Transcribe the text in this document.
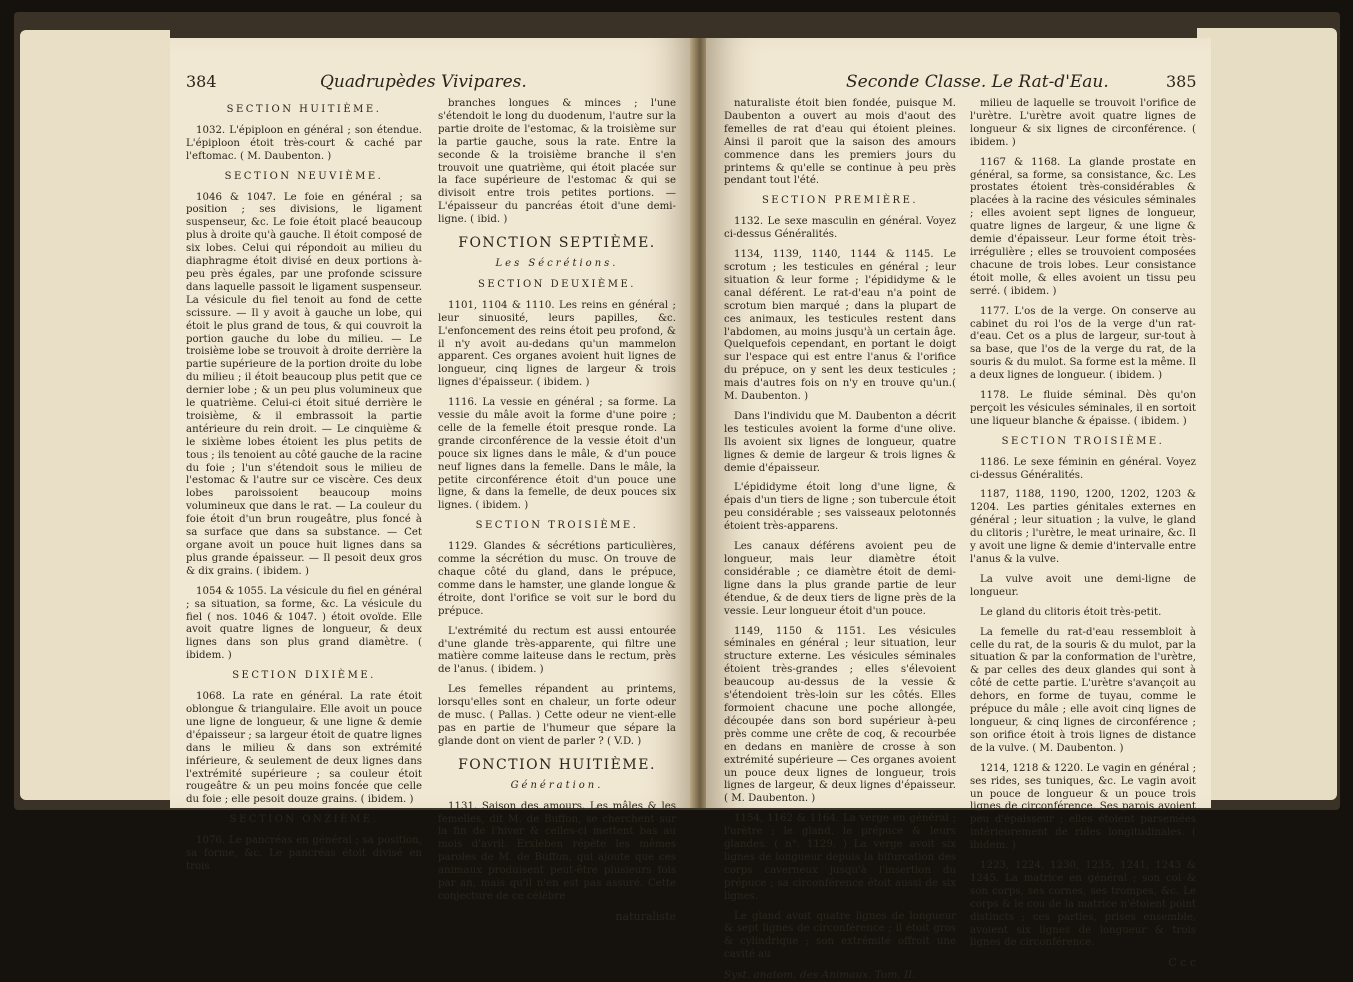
384	Quadrupèdes Vivipares.
SECTION HUITIÈME.

1032. L'épiploon en général ; son étendue. L'épiploon étoit très-court & caché par l'eftomac. ( M. Daubenton. )

SECTION NEUVIÈME.

1046 & 1047. Le foie en général ; sa position ; ses divisions, le ligament suspenseur, &c. Le foie étoit placé beaucoup plus à droite qu'à gauche. Il étoit composé de six lobes. Celui qui répondoit au milieu du diaphragme étoit divisé en deux portions à-peu près égales, par une profonde scissure dans laquelle passoit le ligament suspenseur. La vésicule du fiel tenoit au fond de cette scissure. — Il y avoit à gauche un lobe, qui étoit le plus grand de tous, & qui couvroit la portion gauche du lobe du milieu. — Le troisième lobe se trouvoit à droite derrière la partie supérieure de la portion droite du lobe du milieu ; il étoit beaucoup plus petit que ce dernier lobe ; & un peu plus volumineux que le quatrième. Celui-ci étoit situé derrière le troisième, & il embrassoit la partie antérieure du rein droit. — Le cinquième & le sixième lobes étoient les plus petits de tous ; ils tenoient au côté gauche de la racine du foie ; l'un s'étendoit sous le milieu de l'estomac & l'autre sur ce viscère. Ces deux lobes paroissoient beaucoup moins volumineux que dans le rat. — La couleur du foie étoit d'un brun rougeâtre, plus foncé à sa surface que dans sa substance. — Cet organe avoit un pouce huit lignes dans sa plus grande épaisseur. — Il pesoit deux gros & dix grains. ( ibidem. )

1054 & 1055. La vésicule du fiel en général ; sa situation, sa forme, &c. La vésicule du fiel ( nos. 1046 & 1047. ) étoit ovoïde. Elle avoit quatre lignes de longueur, & deux lignes dans son plus grand diamètre. ( ibidem. )

SECTION DIXIÈME.

1068. La rate en général. La rate étoit oblongue & triangulaire. Elle avoit un pouce une ligne de longueur, & une ligne & demie d'épaisseur ; sa largeur étoit de quatre lignes dans le milieu & dans son extrémité inférieure, & seulement de deux lignes dans l'extrémité supérieure ; sa couleur étoit rougeâtre & un peu moins foncée que celle du foie ; elle pesoit douze grains. ( ibidem. )

SECTION ONZIÈME.

1076. Le pancréas en général ; sa position, sa forme, &c. Le pancréas étoit divisé en trois

branches longues & minces ; l'une s'étendoit le long du duodenum, l'autre sur la partie droite de l'estomac, & la troisième sur la partie gauche, sous la rate. Entre la seconde & la troisième branche il s'en trouvoit une quatrième, qui étoit placée sur la face supérieure de l'estomac & qui se divisoit entre trois petites portions. — L'épaisseur du pancréas étoit d'une demi-ligne. ( ibid. )

FONCTION SEPTIÈME.
Les Sécrétions.
SECTION DEUXIÈME.

1101, 1104 & 1110. Les reins en général ; leur sinuosité, leurs papilles, &c. L'enfoncement des reins étoit peu profond, & il n'y avoit au-dedans qu'un mammelon apparent. Ces organes avoient huit lignes de longueur, cinq lignes de largeur & trois lignes d'épaisseur. ( ibidem. )

1116. La vessie en général ; sa forme. La vessie du mâle avoit la forme d'une poire ; celle de la femelle étoit presque ronde. La grande circonférence de la vessie étoit d'un pouce six lignes dans le mâle, & d'un pouce neuf lignes dans la femelle. Dans le mâle, la petite circonférence étoit d'un pouce une ligne, & dans la femelle, de deux pouces six lignes. ( ibidem. )

SECTION TROISIÈME.

1129. Glandes & sécrétions particulières, comme la sécrétion du musc. On trouve de chaque côté du gland, dans le prépuce, comme dans le hamster, une glande longue & étroite, dont l'orifice se voit sur le bord du prépuce.

L'extrémité du rectum est aussi entourée d'une glande très-apparente, qui filtre une matière comme laiteuse dans le rectum, près de l'anus. ( ibidem. )

Les femelles répandent au printems, lorsqu'elles sont en chaleur, un forte odeur de musc. ( Pallas. ) Cette odeur ne vient-elle pas en partie de l'humeur que sépare la glande dont on vient de parler ? ( V.D. )

FONCTION HUITIÈME.
Génération.

1131. Saison des amours. Les mâles & les femelles, dit M. de Buffon, se cherchent sur la fin de l'hiver & celles-ci mettent bas au mois d'avril. Erxleben répète les mêmes paroles de M. de Buffon, qui ajoute que ces animaux produisent peut-être plusieurs fois par an, mais qu'il n'en est pas assuré. Cette conjecture de ce célèbre

naturaliste
Seconde Classe. Le Rat-d'Eau.	385

naturaliste étoit bien fondée, puisque M. Daubenton a ouvert au mois d'aout des femelles de rat d'eau qui étoient pleines. Ainsi il paroit que la saison des amours commence dans les premiers jours du printems & qu'elle se continue à peu près pendant tout l'été.

SECTION PREMIÈRE.

1132. Le sexe masculin en général. Voyez ci-dessus Généralités.

1134, 1139, 1140, 1144 & 1145. Le scrotum ; les testicules en général ; leur situation & leur forme ; l'épididyme & le canal déférent. Le rat-d'eau n'a point de scrotum bien marqué ; dans la plupart de ces animaux, les testicules restent dans l'abdomen, au moins jusqu'à un certain âge. Quelquefois cependant, en portant le doigt sur l'espace qui est entre l'anus & l'orifice du prépuce, on y sent les deux testicules ; mais d'autres fois on n'y en trouve qu'un.( M. Daubenton. )

Dans l'individu que M. Daubenton a décrit les testicules avoient la forme d'une olive. Ils avoient six lignes de longueur, quatre lignes & demie de largeur & trois lignes & demie d'épaisseur.

L'épididyme étoit long d'une ligne, & épais d'un tiers de ligne ; son tubercule étoit peu considérable ; ses vaisseaux pelotonnés étoient très-apparens.

Les canaux déférens avoient peu de longueur, mais leur diamètre étoit considérable ; ce diamètre étoit de demi-ligne dans la plus grande partie de leur étendue, & de deux tiers de ligne près de la vessie. Leur longueur étoit d'un pouce.

1149, 1150 & 1151. Les vésicules séminales en général ; leur situation, leur structure externe. Les vésicules séminales étoient très-grandes ; elles s'élevoient beaucoup au-dessus de la vessie & s'étendoient très-loin sur les côtés. Elles formoient chacune une poche allongée, découpée dans son bord supérieur à-peu près comme une crête de coq, & recourbée en dedans en manière de crosse à son extrémité supérieure — Ces organes avoient un pouce deux lignes de longueur, trois lignes de largeur, & deux lignes d'épaisseur. ( M. Daubenton. )

1154, 1162 & 1164. La verge en général ; l'urètre ; le gland, le prépuce & leurs glandes. ( n°. 1129. ) La verge avoit six lignes de longueur depuis la bifurcation des corps caverneux jusqu'à l'insertion du prépuce ; sa circonférence étoit aussi de six lignes.

Le gland avoit quatre lignes de longueur & sept lignes de circonférence ; il étoit gros & cylindrique ; son extrémité offroit une cavité au

Syst. anatom. des Animaux. Tom. II.

milieu de laquelle se trouvoit l'orifice de l'urètre. L'urètre avoit quatre lignes de longueur & six lignes de circonférence. ( ibidem. )

1167 & 1168. La glande prostate en général, sa forme, sa consistance, &c. Les prostates étoient très-considérables & placées à la racine des vésicules séminales ; elles avoient sept lignes de longueur, quatre lignes de largeur, & une ligne & demie d'épaisseur. Leur forme étoit très-irrégulière ; elles se trouvoient composées chacune de trois lobes. Leur consistance étoit molle, & elles avoient un tissu peu serré. ( ibidem. )

1177. L'os de la verge. On conserve au cabinet du roi l'os de la verge d'un rat-d'eau. Cet os a plus de largeur, sur-tout à sa base, que l'os de la verge du rat, de la souris & du mulot. Sa forme est la même. Il a deux lignes de longueur. ( ibidem. )

1178. Le fluide séminal. Dès qu'on perçoit les vésicules séminales, il en sortoit une liqueur blanche & épaisse. ( ibidem. )

SECTION TROISIÈME.

1186. Le sexe féminin en général. Voyez ci-dessus Généralités.

1187, 1188, 1190, 1200, 1202, 1203 & 1204. Les parties génitales externes en général ; leur situation ; la vulve, le gland du clitoris ; l'urètre, le meat urinaire, &c. Il y avoit une ligne & demie d'intervalle entre l'anus & la vulve.

La vulve avoit une demi-ligne de longueur.

Le gland du clitoris étoit très-petit.

La femelle du rat-d'eau ressembloit à celle du rat, de la souris & du mulot, par la situation & par la conformation de l'urètre, & par celles des deux glandes qui sont à côté de cette partie. L'urètre s'avançoit au dehors, en forme de tuyau, comme le prépuce du mâle ; elle avoit cinq lignes de longueur, & cinq lignes de circonférence ; son orifice étoit à trois lignes de distance de la vulve. ( M. Daubenton. )

1214, 1218 & 1220. Le vagin en général ; ses rides, ses tuniques, &c. Le vagin avoit un pouce de longueur & un pouce trois lignes de circonférence. Ses parois avoient peu d'épaisseur ; elles étoient parsemées intérieurement de rides longitudinales. ( ibidem. )

1223, 1224, 1230, 1235, 1241, 1243 & 1245. La matrice en général ; son col & son corps, ses cornes, ses trompes, &c. Le corps & le cou de la matrice n'étoient point distincts ; ces parties, prises ensemble, avoient six lignes de longueur & trois lignes de circonférence.

C c c
